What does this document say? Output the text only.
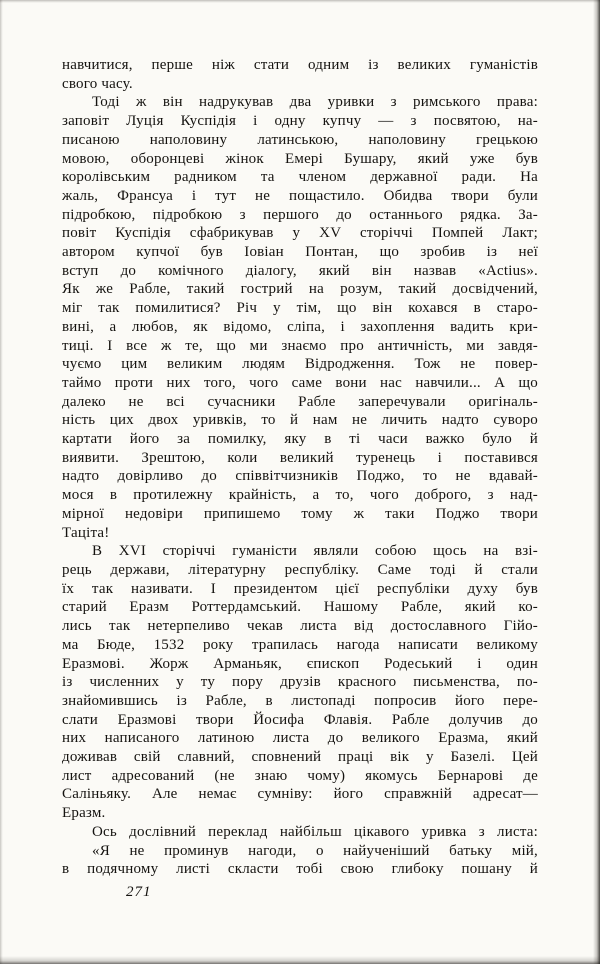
навчитися, перше ніж стати одним із великих гуманістів
свого часу.
Тоді ж він надрукував два уривки з римського права:
заповіт Луція Куспідія і одну купчу — з посвятою, на-
писаною наполовину латинською, наполовину грецькою
мовою, оборонцеві жінок Емері Бушару, який уже був
королівським радником та членом державної ради. На
жаль, Франсуа і тут не пощастило. Обидва твори були
підробкою, підробкою з першого до останнього рядка. За-
повіт Куспідія сфабрикував у XV сторіччі Помпей Лакт;
автором купчої був Іовіан Понтан, що зробив із неї
вступ до комічного діалогу, який він назвав «Actius».
Як же Рабле, такий гострий на розум, такий досвідчений,
міг так помилитися? Річ у тім, що він кохався в старо-
вині, а любов, як відомо, сліпа, і захоплення вадить кри-
тиці. І все ж те, що ми знаємо про античність, ми завдя-
чуємо цим великим людям Відродження. Тож не повер-
таймо проти них того, чого саме вони нас навчили... А що
далеко не всі сучасники Рабле заперечували оригіналь-
ність цих двох уривків, то й нам не личить надто суворо
картати його за помилку, яку в ті часи важко було й
виявити. Зрештою, коли великий туренець і поставився
надто довірливо до співвітчизників Поджо, то не вдавай-
мося в протилежну крайність, а то, чого доброго, з над-
мірної недовіри припишемо тому ж таки Поджо твори
Таціта!
В XVI сторіччі гуманісти являли собою щось на взі-
рець держави, літературну республіку. Саме тоді й стали
їх так називати. І президентом цієї республіки духу був
старий Еразм Роттердамський. Нашому Рабле, який ко-
лись так нетерпеливо чекав листа від достославного Гійо-
ма Бюде, 1532 року трапилась нагода написати великому
Еразмові. Жорж Арманьяк, єпископ Родеський і один
із численних у ту пору друзів красного письменства, по-
знайомившись із Рабле, в листопаді попросив його пере-
слати Еразмові твори Йосифа Флавія. Рабле долучив до
них написаного латиною листа до великого Еразма, який
доживав свій славний, сповнений праці вік у Базелі. Цей
лист адресований (не знаю чому) якомусь Бернарові де
Саліньяку. Але немає сумніву: його справжній адресат—
Еразм.
Ось дослівний переклад найбільш цікавого уривка з листа:
«Я не проминув нагоди, о найученіший батьку мій,
в подячному листі скласти тобі свою глибоку пошану й
271
